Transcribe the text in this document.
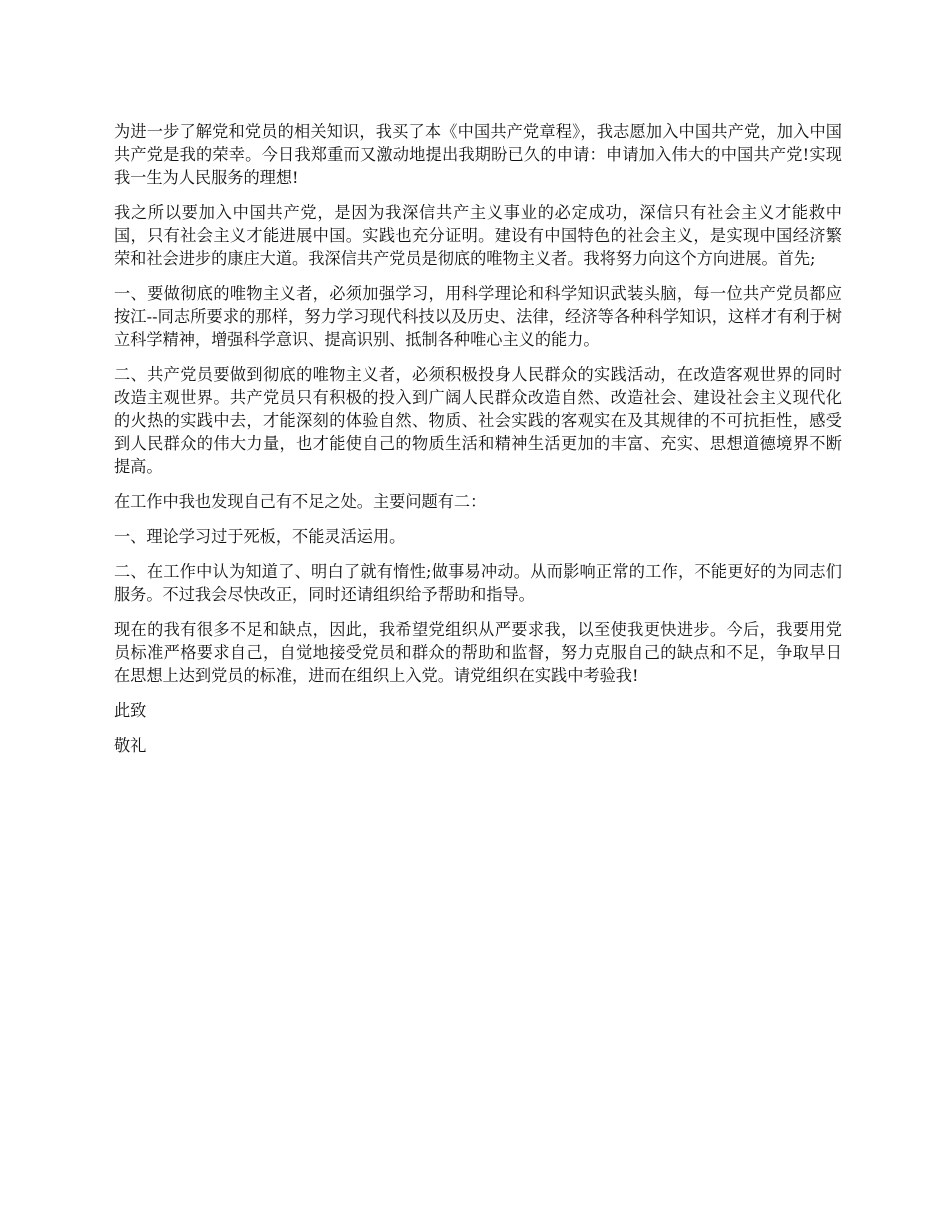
为进一步了解党和党员的相关知识，我买了本《中国共产党章程》，我志愿加入中国共产党，加入中国共产党是我的荣幸。今日我郑重而又激动地提出我期盼已久的申请：申请加入伟大的中国共产党!实现我一生为人民服务的理想!

我之所以要加入中国共产党，是因为我深信共产主义事业的必定成功，深信只有社会主义才能救中国，只有社会主义才能进展中国。实践也充分证明。建设有中国特色的社会主义，是实现中国经济繁荣和社会进步的康庄大道。我深信共产党员是彻底的唯物主义者。我将努力向这个方向进展。首先;

一、要做彻底的唯物主义者，必须加强学习，用科学理论和科学知识武装头脑，每一位共产党员都应按江--同志所要求的那样，努力学习现代科技以及历史、法律，经济等各种科学知识，这样才有利于树立科学精神，增强科学意识、提高识别、抵制各种唯心主义的能力。

二、共产党员要做到彻底的唯物主义者，必须积极投身人民群众的实践活动，在改造客观世界的同时改造主观世界。共产党员只有积极的投入到广阔人民群众改造自然、改造社会、建设社会主义现代化的火热的实践中去，才能深刻的体验自然、物质、社会实践的客观实在及其规律的不可抗拒性，感受到人民群众的伟大力量，也才能使自己的物质生活和精神生活更加的丰富、充实、思想道德境界不断提高。

在工作中我也发现自己有不足之处。主要问题有二：

一、理论学习过于死板，不能灵活运用。

二、在工作中认为知道了、明白了就有惰性;做事易冲动。从而影响正常的工作，不能更好的为同志们服务。不过我会尽快改正，同时还请组织给予帮助和指导。

现在的我有很多不足和缺点，因此，我希望党组织从严要求我，以至使我更快进步。今后，我要用党员标准严格要求自己，自觉地接受党员和群众的帮助和监督，努力克服自己的缺点和不足，争取早日在思想上达到党员的标准，进而在组织上入党。请党组织在实践中考验我!

此致

敬礼
